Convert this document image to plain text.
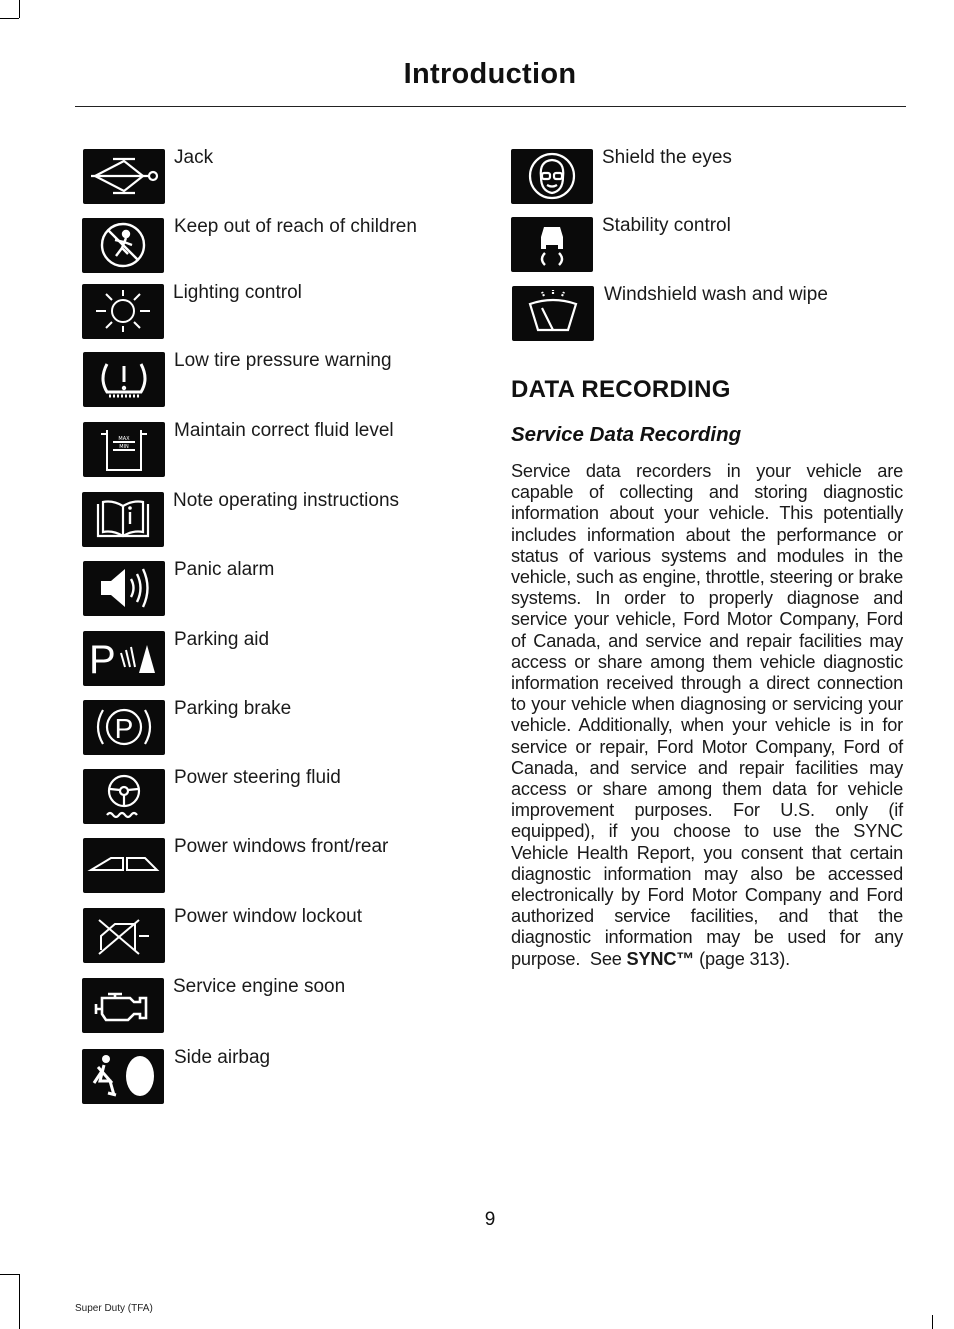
Introduction
Jack
Keep out of reach of children
Lighting control
Low tire pressure warning
MAX
MIN
Maintain correct fluid level
Note operating instructions
Panic alarm
P	Parking aid
P
Parking brake
Power steering fluid
Power windows front/rear
Power window lockout
Service engine soon
Side airbag
Shield the eyes
Stability control
Windshield wash and wipe
DATA RECORDING
Service Data Recording
Service data recorders in your vehicle are capable of collecting and storing diagnostic information about your vehicle. This potentially includes information about the performance or status of various systems and modules in the vehicle, such as engine, throttle, steering or brake systems. In order to properly diagnose and service your vehicle, Ford Motor Company, Ford of Canada, and service and repair facilities may access or share among them vehicle diagnostic information received through a direct connection to your vehicle when diagnosing or servicing your vehicle. Additionally, when your vehicle is in for service or repair, Ford Motor Company, Ford of Canada, and service and repair facilities may access or share among them data for vehicle improvement purposes. For U.S. only (if equipped), if you choose to use the SYNC Vehicle Health Report, you consent that certain diagnostic information may also be accessed electronically by Ford Motor Company and Ford authorized service facilities, and that the diagnostic information may be used for any purpose. See SYNC™ (page 313).
9
Super Duty (TFA)
